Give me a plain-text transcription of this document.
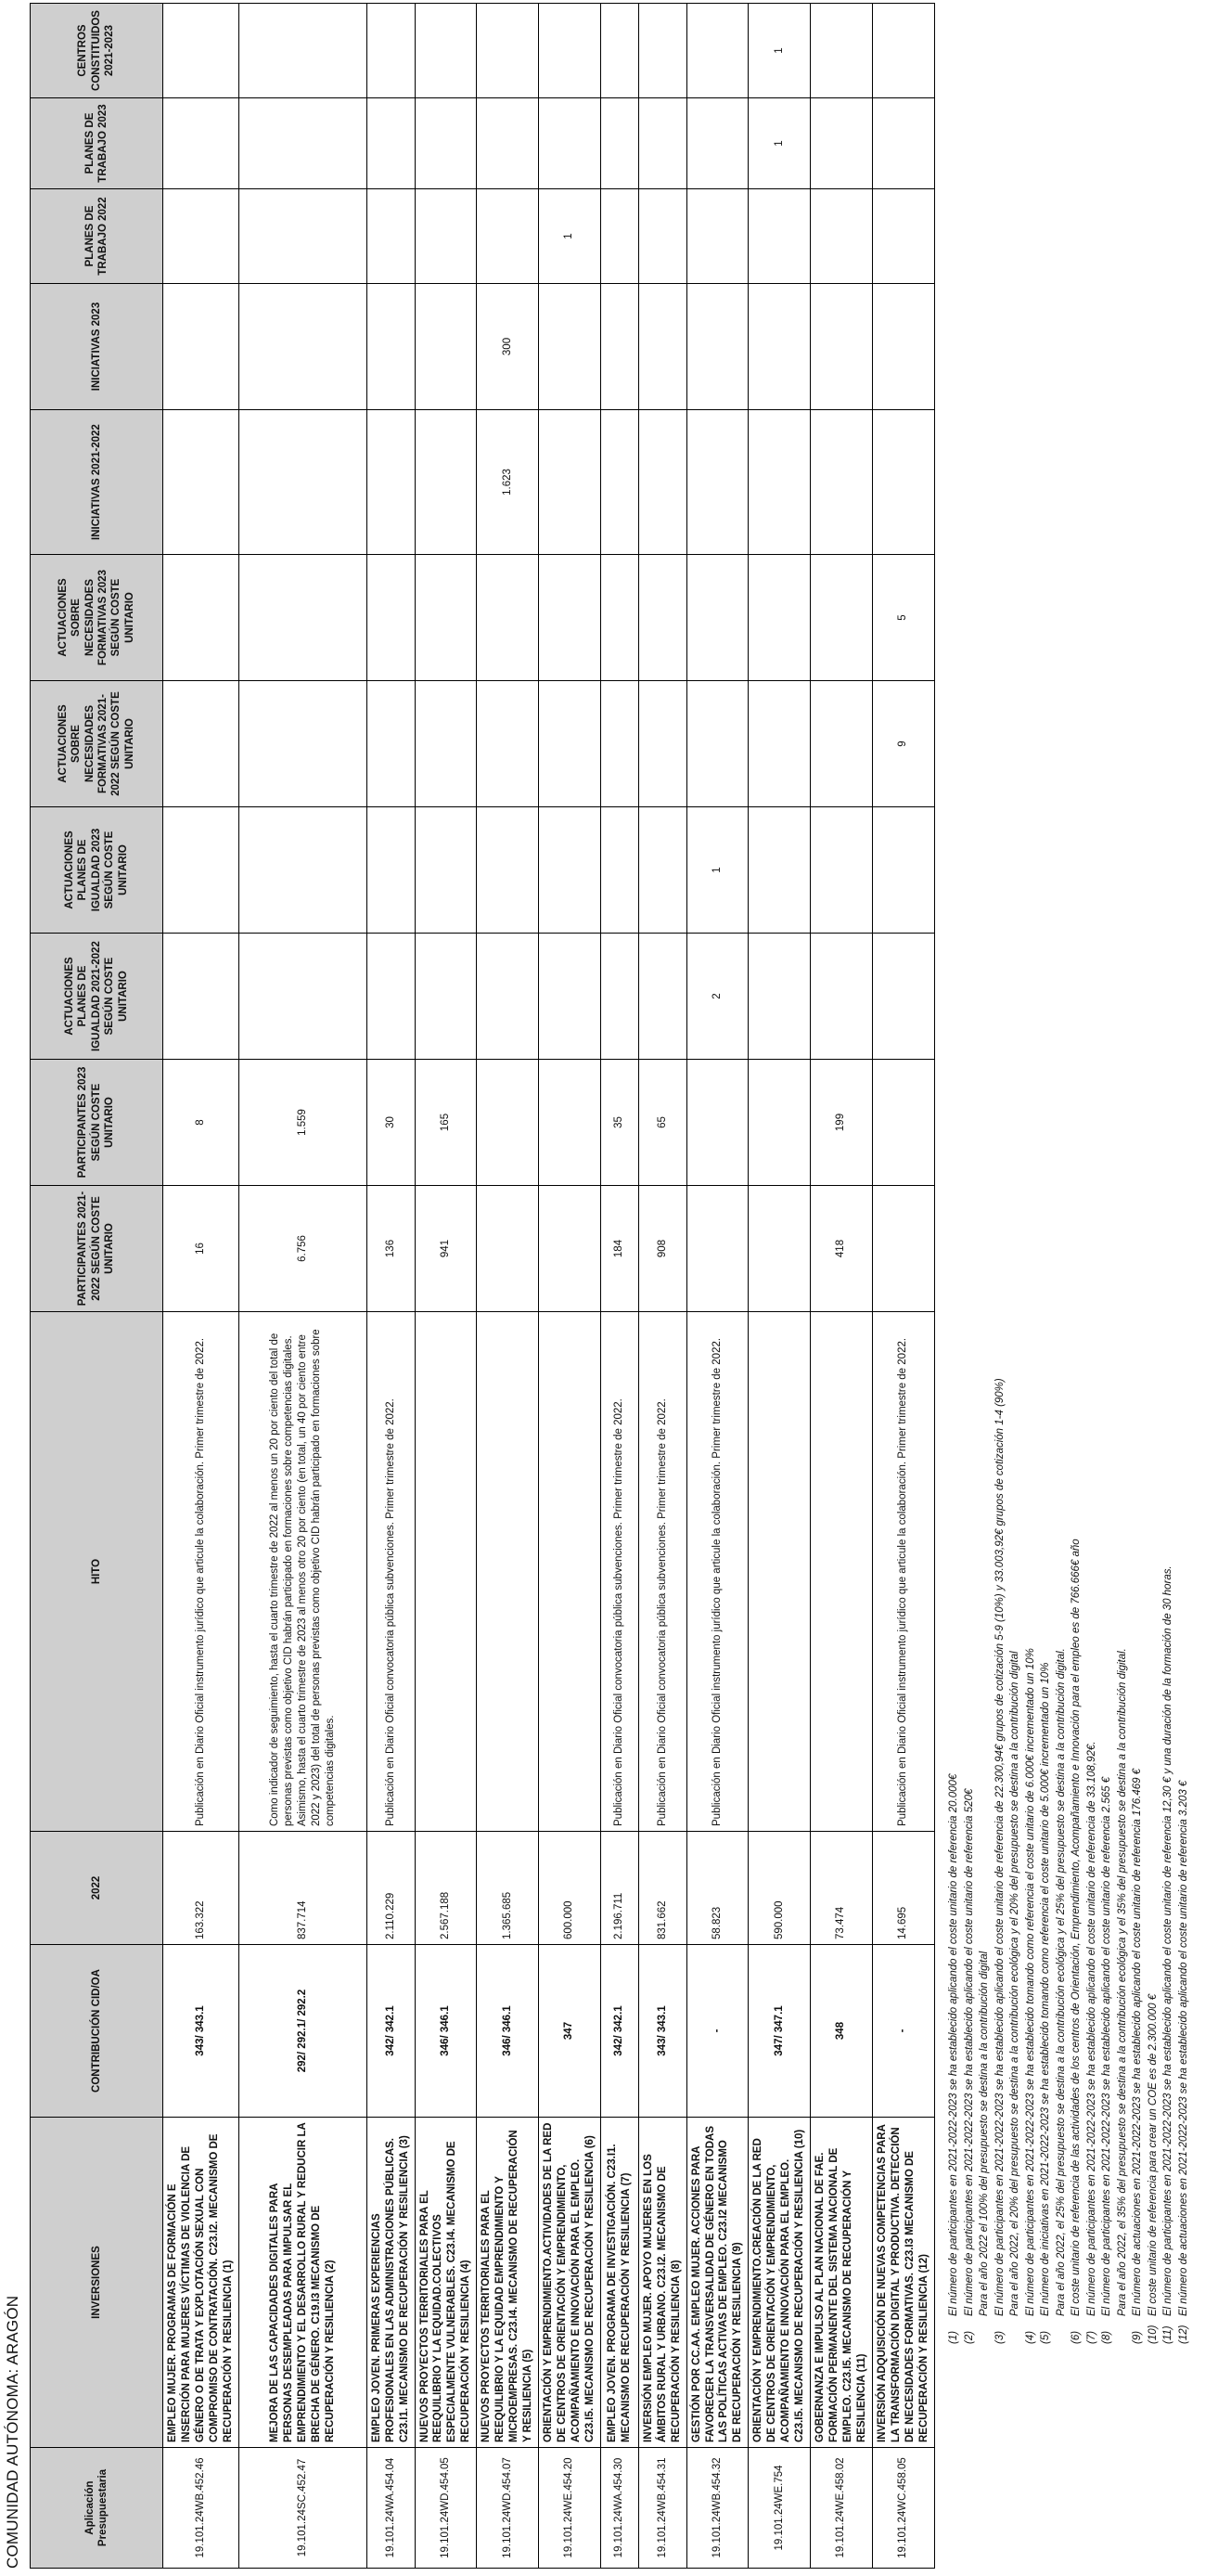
COMUNIDAD AUTÓNOMA: ARAGÓN	Aplicación Presupuestaria	INVERSIONES	CONTRIBUCIÓN CID/OA	2022	HITO	PARTICIPANTES 2021-2022 SEGÚN COSTE UNITARIO	PARTICIPANTES 2023 SEGÚN COSTE UNITARIO	ACTUACIONES PLANES DE IGUALDAD 2021-2022 SEGÚN COSTE UNITARIO	ACTUACIONES PLANES DE IGUALDAD 2023 SEGÚN COSTE UNITARIO	ACTUACIONES SOBRE NECESIDADES FORMATIVAS 2021-2022 SEGÚN COSTE UNITARIO	ACTUACIONES SOBRE NECESIDADES FORMATIVAS 2023 SEGÚN COSTE UNITARIO	INICIATIVAS 2021-2022	INICIATIVAS 2023	PLANES DE TRABAJO 2022	PLANES DE TRABAJO 2023	CENTROS CONSTITUIDOS 2021-2023
19.101.24WB.452.46	EMPLEO MUJER. PROGRAMAS DE FORMACIÓN E INSERCIÓN PARA MUJERES VÍCTIMAS DE VIOLENCIA DE GÉNERO O DE TRATA Y EXPLOTACIÓN SEXUAL CON COMPROMISO DE CONTRATACIÓN. C23.I2. MECANISMO DE RECUPERACIÓN Y RESILIENCIA (1)	343/ 343.1	163.322	Publicación en Diario Oficial instrumento jurídico que articule la colaboración. Primer trimestre de 2022.	16	8									
19.101.24SC.452.47	MEJORA DE LAS CAPACIDADES DIGITALES PARA PERSONAS DESEMPLEADAS PARA IMPULSAR EL EMPRENDIMIENTO Y EL DESARROLLO RURAL Y REDUCIR LA BRECHA DE GÉNERO. C19.I3 MECANISMO DE RECUPERACIÓN Y RESILIENCIA (2)	292/ 292.1/ 292.2	837.714	Como indicador de seguimiento, hasta el cuarto trimestre de 2022 al menos un 20 por ciento del total de personas previstas como objetivo CID habrán participado en formaciones sobre competencias digitales. Asimismo, hasta el cuarto trimestre de 2023 al menos otro 20 por ciento (en total, un 40 por ciento entre 2022 y 2023) del total de personas previstas como objetivo CID habrán participado en formaciones sobre competencias digitales.	6.756	1.559									
19.101.24WA.454.04	EMPLEO JOVEN. PRIMERAS EXPERIENCIAS PROFESIONALES EN LAS ADMINISTRACIONES PÚBLICAS. C23.I1. MECANISMO DE RECUPERACIÓN Y RESILIENCIA (3)	342/ 342.1	2.110.229	Publicación en Diario Oficial convocatoria pública subvenciones. Primer trimestre de 2022.	136	30									
19.101.24WD.454.05	NUEVOS PROYECTOS TERRITORIALES PARA EL REEQUILIBRIO Y LA EQUIDAD.COLECTIVOS ESPECIALMENTE VULNERABLES. C23.I4. MECANISMO DE RECUPERACIÓN Y RESILIENCIA (4)	346/ 346.1	2.567.188		941	165									
19.101.24WD.454.07	NUEVOS PROYECTOS TERRITORIALES PARA EL REEQUILIBRIO Y LA EQUIDAD EMPRENDIMIENTO Y MICROEMPRESAS. C23.I4. MECANISMO DE RECUPERACIÓN Y RESILIENCIA (5)	346/ 346.1	1.365.685								1.623	300			
19.101.24WE.454.20	ORIENTACIÓN Y EMPRENDIMIENTO.ACTIVIDADES DE LA RED DE CENTROS DE ORIENTACIÓN Y EMPRENDIMIENTO, ACOMPAÑAMIENTO E INNOVACIÓN PARA EL EMPLEO. C23.I5. MECANISMO DE RECUPERACIÓN Y RESILIENCIA (6)	347	600.000										1		
19.101.24WA.454.30	EMPLEO JOVEN. PROGRAMA DE INVESTIGACIÓN. C23.I1. MECANISMO DE RECUPERACIÓN Y RESILIENCIA (7)	342/ 342.1	2.196.711	Publicación en Diario Oficial convocatoria pública subvenciones. Primer trimestre de 2022.	184	35									
19.101.24WB.454.31	INVERSIÓN EMPLEO MUJER. APOYO MUJERES EN LOS ÁMBITOS RURAL Y URBANO. C23.I2. MECANISMO DE RECUPERACIÓN Y RESILIENCIA (8)	343/ 343.1	831.662	Publicación en Diario Oficial convocatoria pública subvenciones. Primer trimestre de 2022.	908	65									
19.101.24WB.454.32	GESTIÓN POR CC.AA. EMPLEO MUJER. ACCIONES PARA FAVORECER LA TRANSVERSALIDAD DE GÉNERO EN TODAS LAS POLÍTICAS ACTIVAS DE EMPLEO. C23.I2 MECANISMO DE RECUPERACIÓN Y RESILIENCIA (9)	-	58.823	Publicación en Diario Oficial instrumento jurídico que articule la colaboración. Primer trimestre de 2022.			2	1							
19.101.24WE.754	ORIENTACIÓN Y EMPRENDIMIENTO.CREACIÓN DE LA RED DE CENTROS DE ORIENTACIÓN Y EMPRENDIMIENTO, ACOMPAÑAMIENTO E INNOVACIÓN PARA EL EMPLEO. C23.I5. MECANISMO DE RECUPERACIÓN Y RESILIENCIA (10)	347/ 347.1	590.000											1	1
19.101.24WE.458.02	GOBERNANZA E IMPULSO AL PLAN NACIONAL DE FAE. FORMACIÓN PERMANENTE DEL SISTEMA NACIONAL DE EMPLEO. C23.I5. MECANISMO DE RECUPERACIÓN Y RESILIENCIA (11)	348	73.474		418	199									
19.101.24WC.458.05	INVERSIÓN ADQUISICIÓN DE NUEVAS COMPETENCIAS PARA LA TRANSFORMACIÓN DIGITAL Y PRODUCTIVA. DETECCIÓN DE NECESIDADES FORMATIVAS. C23.I3 MECANISMO DE RECUPERACIÓN Y RESILIENCIA (12)	-	14.695	Publicación en Diario Oficial instrumento jurídico que articule la colaboración. Primer trimestre de 2022.					9	5					
(1)
El número de participantes en 2021-2022-2023 se ha establecido aplicando el coste unitario de referencia 20.000€
(2)
El número de participantes en 2021-2022-2023 se ha establecido aplicando el coste unitario de referencia 520€ Para el año 2022 el 100% del presupuesto se destina a la contribución digital
(3)
El número de participantes en 2021-2022-2023 se ha establecido aplicando el coste unitario de referencia de 22.300,94€ grupos de cotización 5-9 (10%) y 33.003,92€ grupos de cotización 1-4 (90%) Para el año 2022, el 20% del presupuesto se destina a la contribución ecológica y el 20% del presupuesto se destina a la contribución digital
(4)
El número de participantes en 2021-2022-2023 se ha establecido tomando como referencia el coste unitario de 6.000€ incrementado un 10%
(5)
El número de iniciativas en 2021-2022-2023 se ha establecido tomando como referencia el coste unitario de 5.000€ incrementado un 10% Para el año 2022, el 25% del presupuesto se destina a la contribución ecológica y el 25% del presupuesto se destina a la contribución digital.
(6)
El coste unitario de referencia de las actividades de los centros de Orientación, Emprendimiento, Acompañamiento e Innovación para el empleo es de 766.666€ año
(7)
El número de participantes en 2021-2022-2023 se ha establecido aplicando el coste unitario de referencia de 33.108,92€.
(8)
El número de participantes en 2021-2022-2023 se ha establecido aplicando el coste unitario de referencia 2.565 € Para el año 2022, el 35% del presupuesto se destina a la contribución ecológica y el 35% del presupuesto se destina a la contribución digital.
(9)
El número de actuaciones en 2021-2022-2023 se ha establecido aplicando el coste unitario de referencia 176.469 €
(10)
El coste unitario de referencia para crear un COE es de 2.300.000 €
(11)
El número de participantes en 2021-2022-2023 se ha establecido aplicando el coste unitario de referencia 12,30 € y una duración de la formación de 30 horas.
(12)
El número de actuaciones en 2021-2022-2023 se ha establecido aplicando el coste unitario de referencia 3.203 €
